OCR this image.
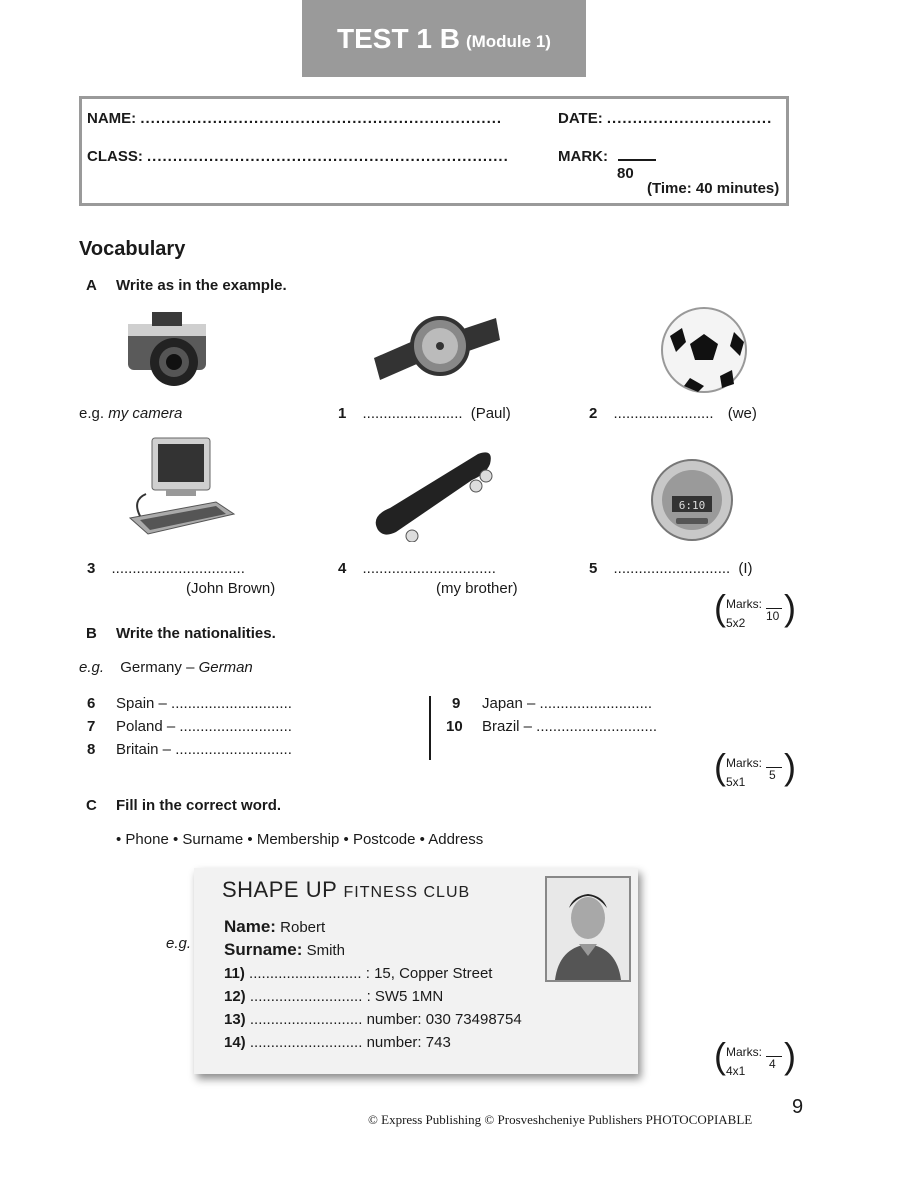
TEST 1 B (Module 1)
NAME: ......................................................................	DATE: ................................
CLASS: ......................................................................	MARK:
80
(Time: 40 minutes)
Vocabulary
A Write as in the example.
e.g. my camera	1 ........................ (Paul)	2 ........................ (we)
6:10
3 ................................
(John Brown)
4 ................................
(my brother)
5 ............................ (I)
( )
Marks:
10
5x2
B Write the nationalities.
e.g. Germany – German
6 Spain – .............................
7 Poland – ...........................
8 Britain – ............................
9 Japan – ...........................
10 Brazil – .............................
( )
Marks:
5
5x1
C Fill in the correct word.
• Phone • Surname • Membership • Postcode • Address
e.g.
SHAPE UP FITNESS CLUB
Name: Robert
Surname: Smith
11) ........................... : 15, Copper Street
12) ........................... : SW5 1MN
13) ........................... number: 030 73498754
14) ........................... number: 743	( )
Marks:
4
4x1
© Express Publishing © Prosveshcheniye Publishers PHOTOCOPIABLE
9
